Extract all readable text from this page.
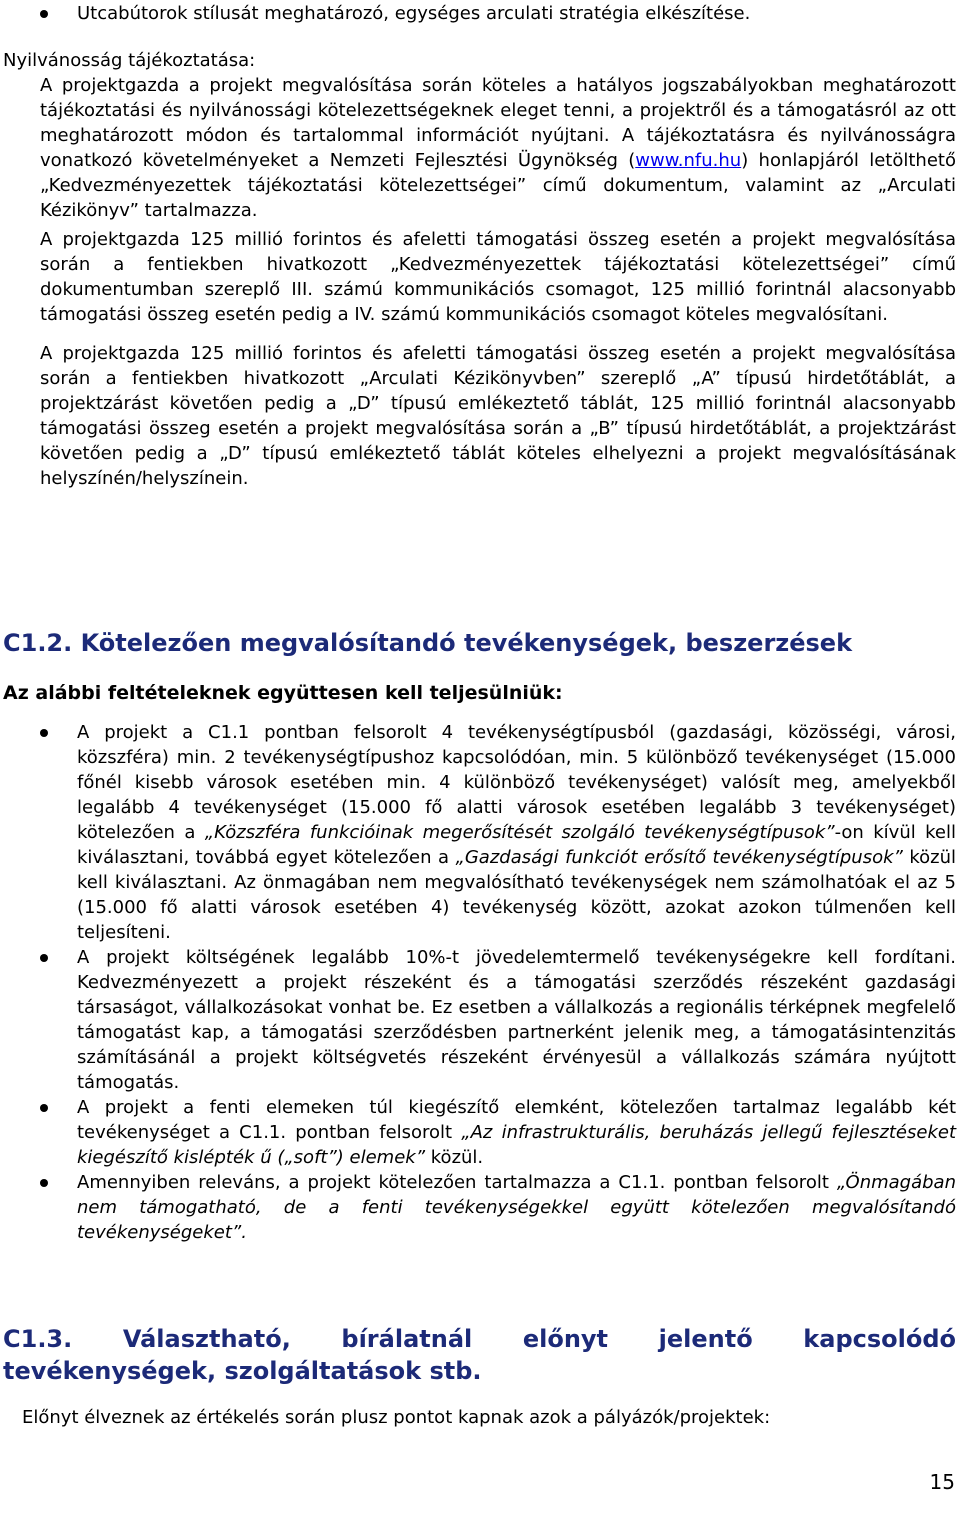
Utcabútorok stílusát meghatározó, egységes arculati stratégia elkészítése.

Nyilvánosság tájékoztatása:

A projektgazda a projekt megvalósítása során köteles a hatályos jogszabályokban meghatározott tájékoztatási és nyilvánossági kötelezettségeknek eleget tenni, a projektről és a támogatásról az ott meghatározott módon és tartalommal információt nyújtani. A tájékoztatásra és nyilvánosságra vonatkozó követelményeket a Nemzeti Fejlesztési Ügynökség (www.nfu.hu) honlapjáról letölthető „Kedvezményezettek tájékoztatási kötelezettségei” című dokumentum, valamint az „Arculati Kézikönyv” tartalmazza.

A projektgazda 125 millió forintos és afeletti támogatási összeg esetén a projekt megvalósítása során a fentiekben hivatkozott „Kedvezményezettek tájékoztatási kötelezettségei” című dokumentumban szereplő III. számú kommunikációs csomagot, 125 millió forintnál alacsonyabb támogatási összeg esetén pedig a IV. számú kommunikációs csomagot köteles megvalósítani.

A projektgazda 125 millió forintos és afeletti támogatási összeg esetén a projekt megvalósítása során a fentiekben hivatkozott „Arculati Kézikönyvben” szereplő „A” típusú hirdetőtáblát, a projektzárást követően pedig a „D” típusú emlékeztető táblát, 125 millió forintnál alacsonyabb támogatási összeg esetén a projekt megvalósítása során a „B” típusú hirdetőtáblát, a projektzárást követően pedig a „D” típusú emlékeztető táblát köteles elhelyezni a projekt megvalósításának helyszínén/helyszínein.

C1.2. Kötelezően megvalósítandó tevékenységek, beszerzések
Az alábbi feltételeknek együttesen kell teljesülniük:
A projekt a C1.1 pontban felsorolt 4 tevékenységtípusból (gazdasági, közösségi, városi, közszféra) min. 2 tevékenységtípushoz kapcsolódóan, min. 5 különböző tevékenységet (15.000 főnél kisebb városok esetében min. 4 különböző tevékenységet) valósít meg, amelyekből legalább 4 tevékenységet (15.000 fő alatti városok esetében legalább 3 tevékenységet) kötelezően a „Közszféra funkcióinak megerősítését szolgáló tevékenységtípusok”-on kívül kell kiválasztani, továbbá egyet kötelezően a „Gazdasági funkciót erősítő tevékenységtípusok” közül kell kiválasztani. Az önmagában nem megvalósítható tevékenységek nem számolhatóak el az 5 (15.000 fő alatti városok esetében 4) tevékenység között, azokat azokon túlmenően kell teljesíteni.
A projekt költségének legalább 10%-t jövedelemtermelő tevékenységekre kell fordítani. Kedvezményezett a projekt részeként és a támogatási szerződés részeként gazdasági társaságot, vállalkozásokat vonhat be. Ez esetben a vállalkozás a regionális térképnek megfelelő támogatást kap, a támogatási szerződésben partnerként jelenik meg, a támogatásintenzitás számításánál a projekt költségvetés részeként érvényesül a vállalkozás számára nyújtott támogatás.
A projekt a fenti elemeken túl kiegészítő elemként, kötelezően tartalmaz legalább két tevékenységet a C1.1. pontban felsorolt „Az infrastrukturális, beruházás jellegű fejlesztéseket kiegészítő kislépték ű („soft”) elemek” közül.
Amennyiben releváns, a projekt kötelezően tartalmazza a C1.1. pontban felsorolt „Önmagában nem támogatható, de a fenti tevékenységekkel együtt kötelezően megvalósítandó tevékenységeket”.
C1.3. Választható, bírálatnál előnyt jelentő kapcsolódó tevékenységek, szolgáltatások stb.

Előnyt élveznek az értékelés során plusz pontot kapnak azok a pályázók/projektek:

15
